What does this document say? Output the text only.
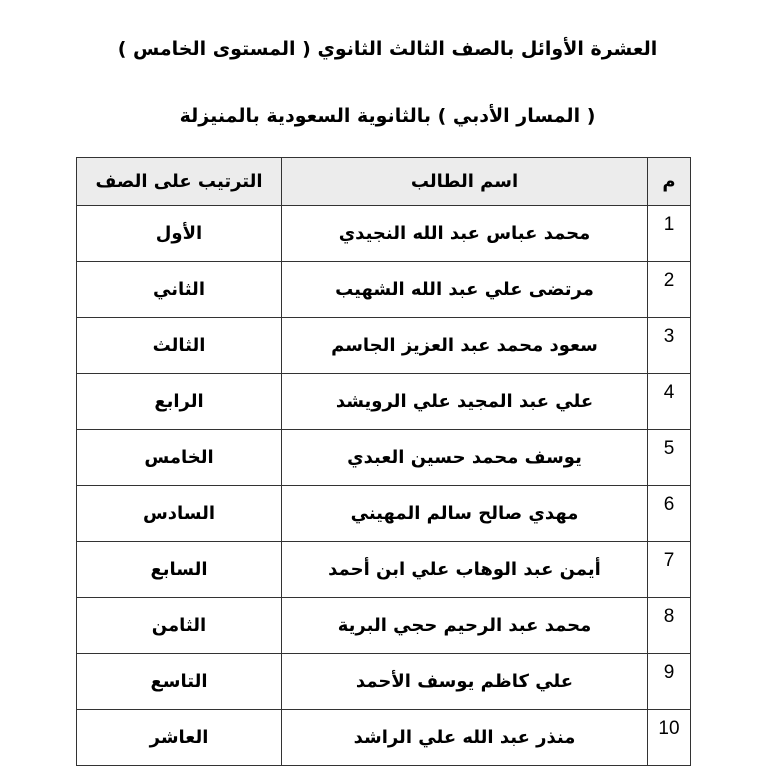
العشرة الأوائل بالصف الثالث الثانوي ( المستوى الخامس )
( المسار الأدبي ) بالثانوية السعودية بالمنيزلة
م	اسم الطالب	الترتيب على الصف
1	محمد عباس عبد الله النجيدي	الأول
2	مرتضى علي عبد الله الشهيب	الثاني
3	سعود محمد عبد العزيز الجاسم	الثالث
4	علي عبد المجيد علي الرويشد	الرابع
5	يوسف محمد حسين العبدي	الخامس
6	مهدي صالح سالم المهيني	السادس
7	أيمن عبد الوهاب علي ابن أحمد	السابع
8	محمد عبد الرحيم حجي البرية	الثامن
9	علي كاظم يوسف الأحمد	التاسع
10	منذر عبد الله علي الراشد	العاشر
